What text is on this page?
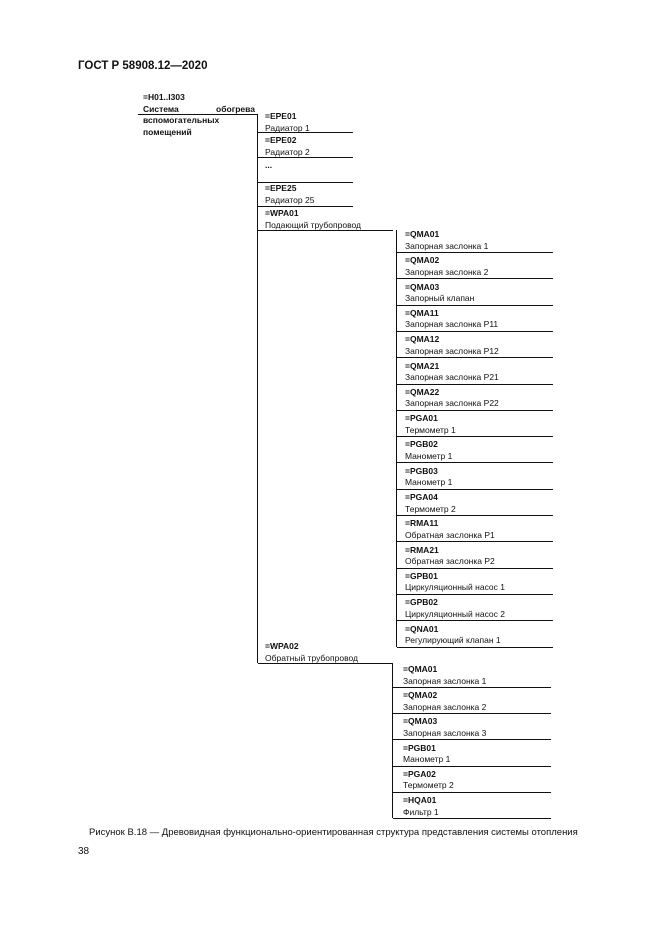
ГОСТ Р 58908.12—2020
=H01..I303
Система обогрева вспомогательных помещений
=EPE01
Радиатор 1
=EPE02
Радиатор 2
...
=EPE25
Радиатор 25
=WPA01
Подающий трубопровод
=WPA02
Обратный трубопровод
=QMA01
Запорная заслонка 1
=QMA02
Запорная заслонка 2
=QMA03
Запорный клапан
=QMA11
Запорная заслонка P11
=QMA12
Запорная заслонка P12
=QMA21
Запорная заслонка P21
=QMA22
Запорная заслонка P22
=PGA01
Термометр 1
=PGB02
Манометр 1
=PGB03
Манометр 1
=PGA04
Термометр 2
=RMA11
Обратная заслонка P1
=RMA21
Обратная заслонка P2
=GPB01
Циркуляционный насос 1
=GPB02
Циркуляционный насос 2
=QNA01
Регулирующий клапан 1
=QMA01
Запорная заслонка 1
=QMA02
Запорная заслонка 2
=QMA03
Запорная заслонка 3
=PGB01
Манометр 1
=PGA02
Термометр 2
=HQA01
Фильтр 1
Рисунок В.18 — Древовидная функционально-ориентированная структура представления системы отопления
38
